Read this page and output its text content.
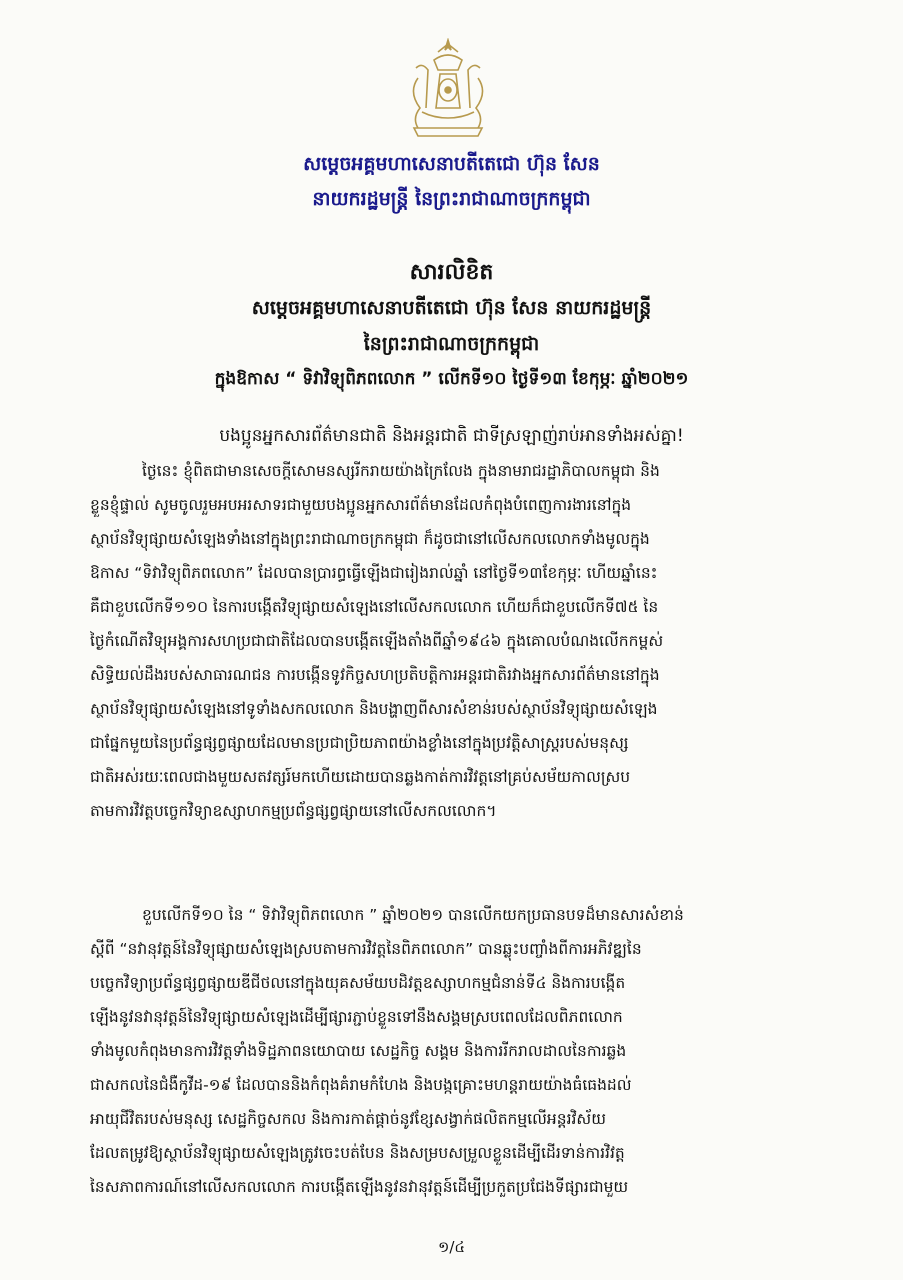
សម្តេចអគ្គមហាសេនាបតីតេជោ ហ៊ុន សែន
នាយករដ្ឋមន្ត្រី នៃព្រះរាជាណាចក្រកម្ពុជា
សារលិខិត
សម្តេចអគ្គមហាសេនាបតីតេជោ ហ៊ុន សែន នាយករដ្ឋមន្ត្រី
នៃព្រះរាជាណាចក្រកម្ពុជា
ក្នុងឱកាស “ ទិវាវិទ្យុពិភពលោក ” លើកទី១០ ថ្ងៃទី១៣ ខែកុម្ភៈ ឆ្នាំ២០២១
បងប្អូនអ្នកសារព័ត៌មានជាតិ និងអន្តរជាតិ ជាទីស្រឡាញ់រាប់អានទាំងអស់គ្នា!
ថ្ងៃនេះ ខ្ញុំពិតជាមានសេចក្តីសោមនស្សរីករាយយ៉ាងក្រៃលែង ក្នុងនាមរាជរដ្ឋាភិបាលកម្ពុជា និង
ខ្លួនខ្ញុំផ្ទាល់ សូមចូលរួមអបអរសាទរជាមួយបងប្អូនអ្នកសារព័ត៌មានដែលកំពុងបំពេញការងារនៅក្នុង
ស្ថាប័នវិទ្យុផ្សាយសំឡេងទាំងនៅក្នុងព្រះរាជាណាចក្រកម្ពុជា ក៏ដូចជានៅលើសកលលោកទាំងមូលក្នុង
ឱកាស “ទិវាវិទ្យុពិភពលោក” ដែលបានប្រារព្ធធ្វើឡើងជារៀងរាល់ឆ្នាំ នៅថ្ងៃទី១៣ខែកុម្ភៈ ហើយឆ្នាំនេះ
គឺជាខួបលើកទី១១០ នៃការបង្កើតវិទ្យុផ្សាយសំឡេងនៅលើសកលលោក ហើយក៏ជាខួបលើកទី៧៥ នៃ
ថ្ងៃកំណើតវិទ្យុអង្គការសហប្រជាជាតិដែលបានបង្កើតឡើងតាំងពីឆ្នាំ១៩៤៦ ក្នុងគោលបំណងលើកកម្ពស់
សិទ្ធិយល់ដឹងរបស់សាធារណជន ការបង្កើនទូវកិច្ចសហប្រតិបត្តិការអន្តរជាតិរវាងអ្នកសារព័ត៌មាននៅក្នុង
ស្ថាប័នវិទ្យុផ្សាយសំឡេងនៅទូទាំងសកលលោក និងបង្ហាញពីសារសំខាន់របស់ស្ថាប័នវិទ្យុផ្សាយសំឡេង
ជាផ្នែកមួយនៃប្រព័ន្ធផ្សព្វផ្សាយដែលមានប្រជាប្រិយភាពយ៉ាងខ្លាំងនៅក្នុងប្រវត្តិសាស្ត្ររបស់មនុស្ស
ជាតិអស់រយៈពេលជាងមួយសតវត្សរ៍មកហើយដោយបានឆ្លងកាត់ការវិវត្តនៅគ្រប់សម័យកាលស្រប
តាមការវិវត្តបច្ចេកវិទ្យាឧស្សាហកម្មប្រព័ន្ធផ្សព្វផ្សាយនៅលើសកលលោក។
ខួបលើកទី១០ នៃ “ ទិវាវិទ្យុពិភពលោក ” ឆ្នាំ២០២១ បានលើកយកប្រធានបទដ៏មានសារសំខាន់
ស្តីពី “នវានុវត្តន៍នៃវិទ្យុផ្សាយសំឡេងស្របតាមការវិវត្តនៃពិភពលោក” បានឆ្លុះបញ្ចាំងពីការអភិវឌ្ឍនៃ
បច្ចេកវិទ្យាប្រព័ន្ធផ្សព្វផ្សាយឌីជីថលនៅក្នុងយុគសម័យបដិវត្តឧស្សាហកម្មជំនាន់ទី៤ និងការបង្កើត
ឡើងនូវនវានុវត្តន៍នៃវិទ្យុផ្សាយសំឡេងដើម្បីផ្សារភ្ជាប់ខ្លួនទៅនឹងសង្គមស្របពេលដែលពិភពលោក
ទាំងមូលកំពុងមានការវិវត្តទាំងទិដ្ឋភាពនយោបាយ សេដ្ឋកិច្ច សង្គម និងការរីករាលដាលនៃការឆ្លង
ជាសកលនៃជំងឺកូវីដ-១៩ ដែលបាននិងកំពុងគំរាមកំហែង និងបង្កគ្រោះមហន្តរាយយ៉ាងធំធេងដល់
អាយុជីវិតរបស់មនុស្ស សេដ្ឋកិច្ចសកល និងការកាត់ផ្តាច់នូវខ្សែសង្វាក់ផលិតកម្មលើអន្តរវិស័យ
ដែលតម្រូវឱ្យស្ថាប័នវិទ្យុផ្សាយសំឡេងត្រូវចេះបត់បែន និងសម្របសម្រួលខ្លួនដើម្បីដើរទាន់ការវិវត្ត
នៃសភាពការណ៍នៅលើសកលលោក ការបង្កើតឡើងនូវនវានុវត្តន៍ដើម្បីប្រកួតប្រជែងទីផ្សារជាមួយ
១/៤
